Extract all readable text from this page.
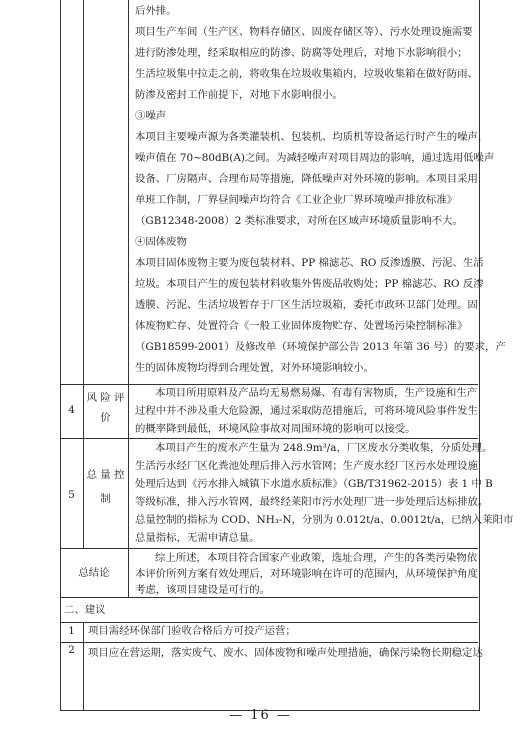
后外排。

项目生产车间（生产区、物料存储区、固废存储区等）、污水处理设施需要

进行防渗处理，经采取相应的防渗、防腐等处理后，对地下水影响很小；

生活垃圾集中拉走之前，将收集在垃圾收集箱内，垃圾收集箱在做好防雨、

防渗及密封工作前提下，对地下水影响很小。

③噪声

本项目主要噪声源为各类灌装机、包装机、均质机等设备运行时产生的噪声，

噪声值在 70~80dB(A)之间。为减轻噪声对项目周边的影响，通过选用低噪声

设备、厂房隔声、合理布局等措施，降低噪声对外环境的影响。本项目采用

单班工作制，厂界昼间噪声均符合《工业企业厂界环境噪声排放标准》

（GB12348-2008）2 类标准要求，对所在区域声环境质量影响不大。

④固体废物

本项目固体废物主要为废包装材料、PP 棉滤芯、RO 反渗透膜、污泥、生活

垃圾。本项目产生的废包装材料收集外售废品收购处；PP 棉滤芯、RO 反渗

透膜、污泥、生活垃圾暂存于厂区生活垃圾箱，委托市政环卫部门处理。固

体废物贮存、处置符合《一般工业固体废物贮存、处置场污染控制标准》

（GB18599-2001）及修改单（环境保护部公告 2013 年第 36 号）的要求，产

生的固体废物均得到合理处置，对外环境影响较小。

4
风 险 评
价

本项目所用原料及产品均无易燃易爆、有毒有害物质，生产设施和生产

过程中并不涉及重大危险源，通过采取防范措施后，可将环境风险事件发生

的概率降到最低，环境风险事故对周围环境的影响可以接受。

5
总 量 控
制

本项目产生的废水产生量为 248.9m³/a，厂区废水分类收集，分质处理。

生活污水经厂区化粪池处理后排入污水管网；生产废水经厂区污水处理设施

处理后达到《污水排入城镇下水道水质标准》（GB/T31962-2015）表 1 中 B

等级标准，排入污水管网，最终经莱阳市污水处理厂进一步处理后达标排放。

总量控制的指标为 COD、NH₃-N，分别为 0.012t/a、0.0012t/a，已纳入莱阳市

总量指标，无需申请总量。

总结论

综上所述，本项目符合国家产业政策，选址合理，产生的各类污染物依

本评价所列方案有效处理后，对环境影响在许可的范围内，从环境保护角度

考虑，该项目建设是可行的。

二、建议
1	项目需经环保部门验收合格后方可投产运营；
2	项目应在营运期，落实废气、废水、固体废物和噪声处理措施，确保污染物长期稳定达
— 16 —
